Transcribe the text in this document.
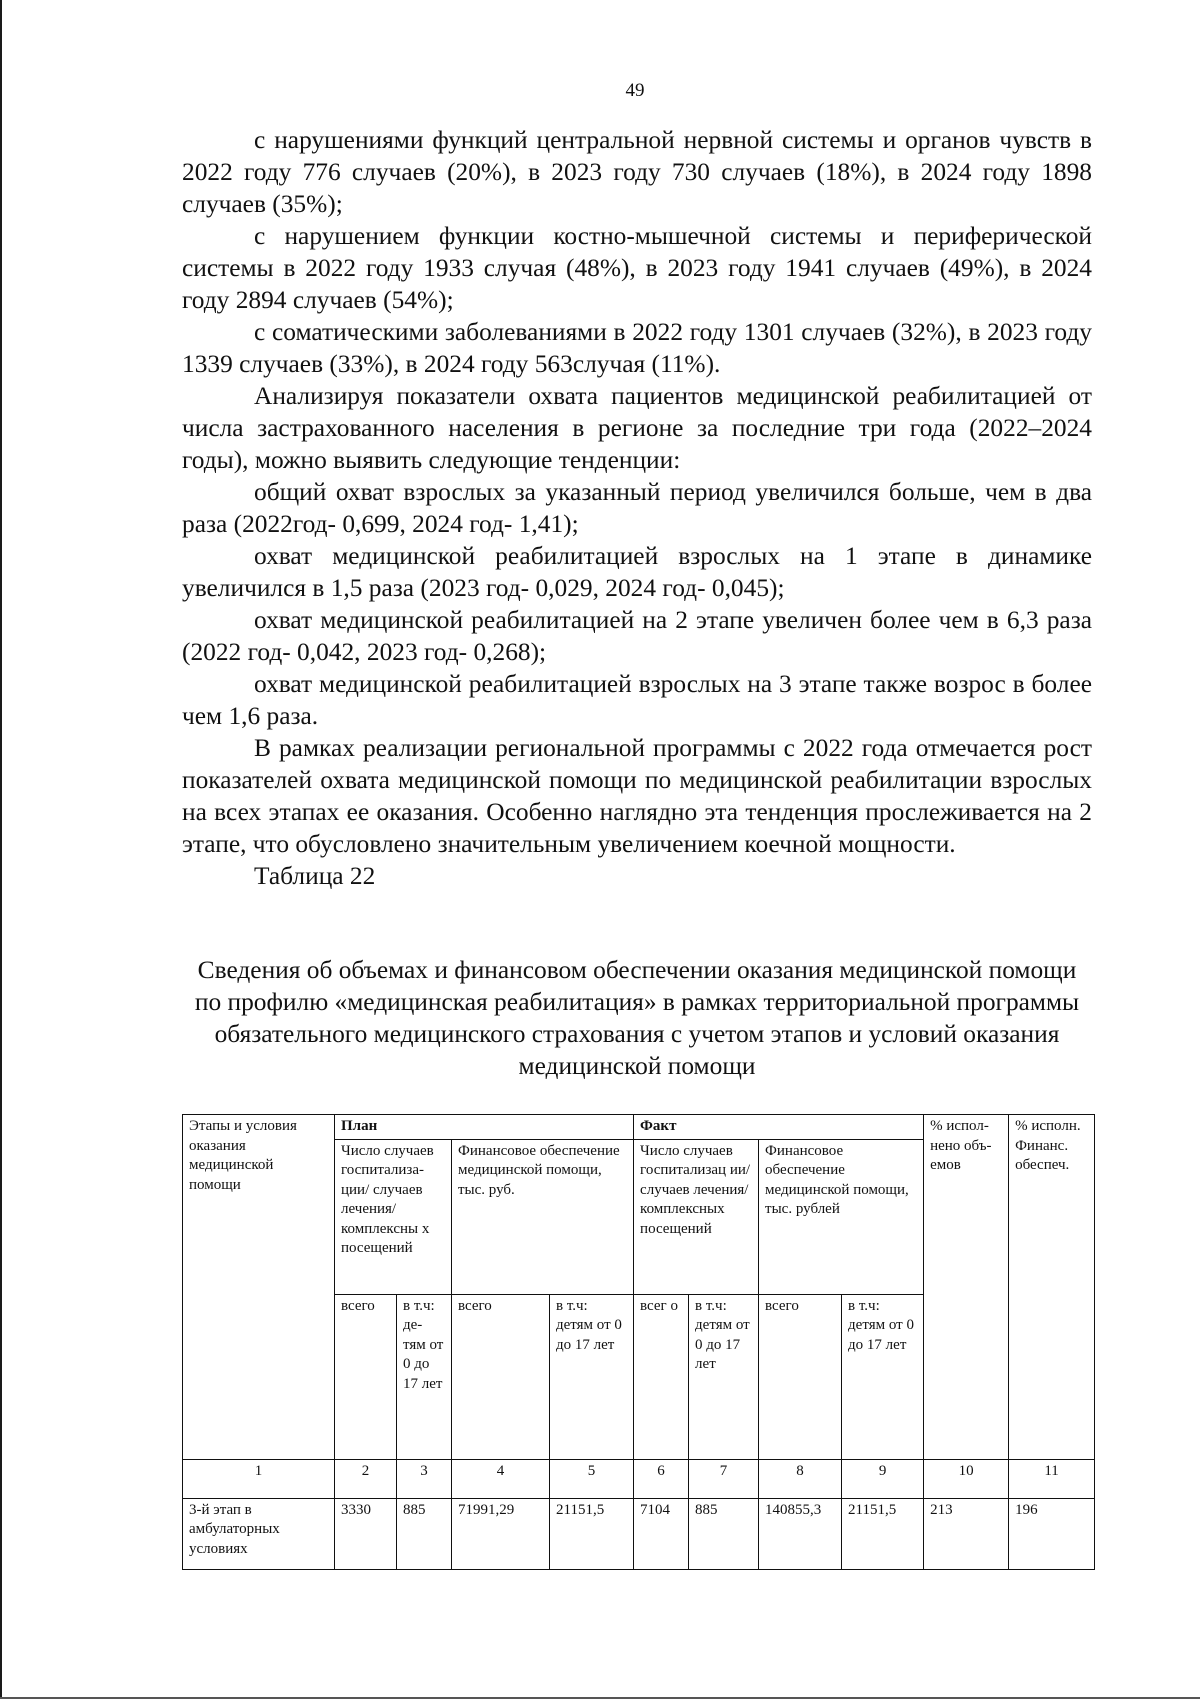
49

с нарушениями функций центральной нервной системы и органов чувств в 2022 году 776 случаев (20%), в 2023 году 730 случаев (18%), в 2024 году 1898 случаев (35%);

с нарушением функции костно-мышечной системы и периферической системы в 2022 году 1933 случая (48%), в 2023 году 1941 случаев (49%), в 2024 году 2894 случаев (54%);

с соматическими заболеваниями в 2022 году 1301 случаев (32%), в 2023 году 1339 случаев (33%), в 2024 году 563случая (11%).

Анализируя показатели охвата пациентов медицинской реабилитацией от числа застрахованного населения в регионе за последние три года (2022–2024 годы), можно выявить следующие тенденции:

общий охват взрослых за указанный период увеличился больше, чем в два раза (2022год- 0,699, 2024 год- 1,41);

охват медицинской реабилитацией взрослых на 1 этапе в динамике увеличился в 1,5 раза (2023 год- 0,029, 2024 год- 0,045);

охват медицинской реабилитацией на 2 этапе увеличен более чем в 6,3 раза (2022 год- 0,042, 2023 год- 0,268);

охват медицинской реабилитацией взрослых на 3 этапе также возрос в более чем 1,6 раза.

В рамках реализации региональной программы с 2022 года отмечается рост показателей охвата медицинской помощи по медицинской реабилитации взрослых на всех этапах ее оказания. Особенно наглядно эта тенденция прослеживается на 2 этапе, что обусловлено значительным увеличением коечной мощности.

Таблица 22

Сведения об объемах и финансовом обеспечении оказания медицинской помощи по профилю «медицинская реабилитация» в рамках территориальной программы обязательного медицинского страхования с учетом этапов и условий оказания медицинской помощи
Этапы и условия оказания медицинской помощи	План				Факт				% испол-нено объ-емов	% исполн. Финанс. обеспеч.
	Число случаев госпитализа-ции/ случаев лечения/ комплексны х посещений		Финансовое обеспечение медицинской помощи, тыс. руб.		Число случаев госпитализац ии/ случаев лечения/ комплексных посещений		Финансовое обеспечение медицинской помощи, тыс. рублей			
	всего	в т.ч: де-тям от 0 до 17 лет	всего	в т.ч: детям от 0 до 17 лет	всег о	в т.ч: детям от 0 до 17 лет	всего	в т.ч: детям от 0 до 17 лет		
1	2	3	4	5	6	7	8	9	10	11
3-й этап в амбулаторных условиях	3330	885	71991,29	21151,5	7104	885	140855,3	21151,5	213	196
